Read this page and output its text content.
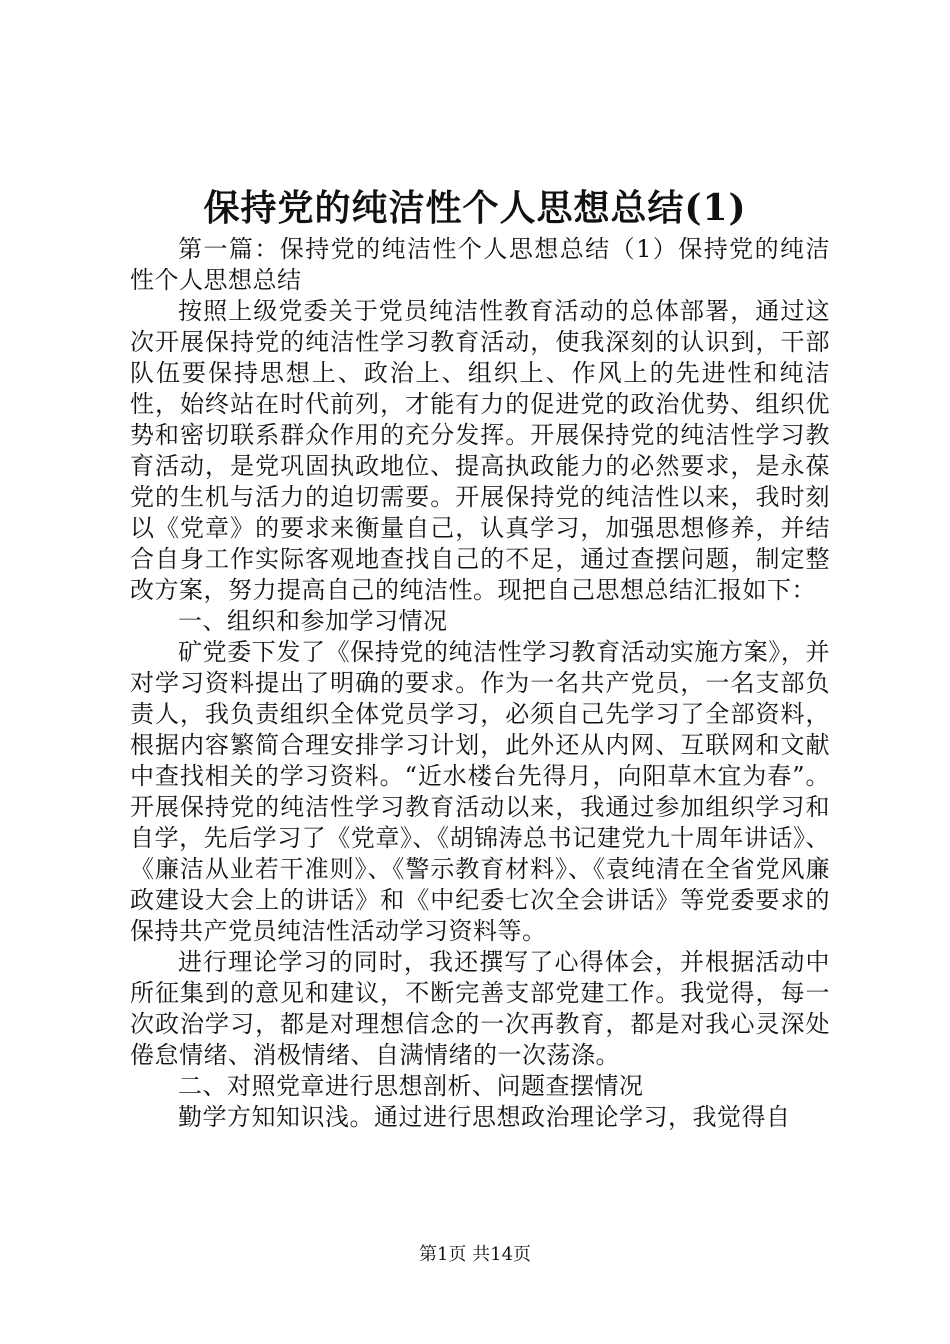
保持党的纯洁性个人思想总结(1)

第一篇：保持党的纯洁性个人思想总结（1）保持党的纯洁性个人思想总结

按照上级党委关于党员纯洁性教育活动的总体部署，通过这次开展保持党的纯洁性学习教育活动，使我深刻的认识到，干部队伍要保持思想上、政治上、组织上、作风上的先进性和纯洁性，始终站在时代前列，才能有力的促进党的政治优势、组织优势和密切联系群众作用的充分发挥。开展保持党的纯洁性学习教育活动，是党巩固执政地位、提高执政能力的必然要求，是永葆党的生机与活力的迫切需要。开展保持党的纯洁性以来，我时刻以《党章》的要求来衡量自己，认真学习，加强思想修养，并结合自身工作实际客观地查找自己的不足，通过查摆问题，制定整改方案，努力提高自己的纯洁性。现把自己思想总结汇报如下：

一、组织和参加学习情况

矿党委下发了《保持党的纯洁性学习教育活动实施方案》，并对学习资料提出了明确的要求。作为一名共产党员，一名支部负责人，我负责组织全体党员学习，必须自己先学习了全部资料，根据内容繁简合理安排学习计划，此外还从内网、互联网和文献中查找相关的学习资料。“近水楼台先得月，向阳草木宜为春”。开展保持党的纯洁性学习教育活动以来，我通过参加组织学习和自学，先后学习了《党章》、《胡锦涛总书记建党九十周年讲话》、《廉洁从业若干准则》、《警示教育材料》、《袁纯清在全省党风廉政建设大会上的讲话》和《中纪委七次全会讲话》等党委要求的保持共产党员纯洁性活动学习资料等。

进行理论学习的同时，我还撰写了心得体会，并根据活动中所征集到的意见和建议，不断完善支部党建工作。我觉得，每一次政治学习，都是对理想信念的一次再教育，都是对我心灵深处倦怠情绪、消极情绪、自满情绪的一次荡涤。

二、对照党章进行思想剖析、问题查摆情况

勤学方知知识浅。通过进行思想政治理论学习，我觉得自

第1页 共14页
